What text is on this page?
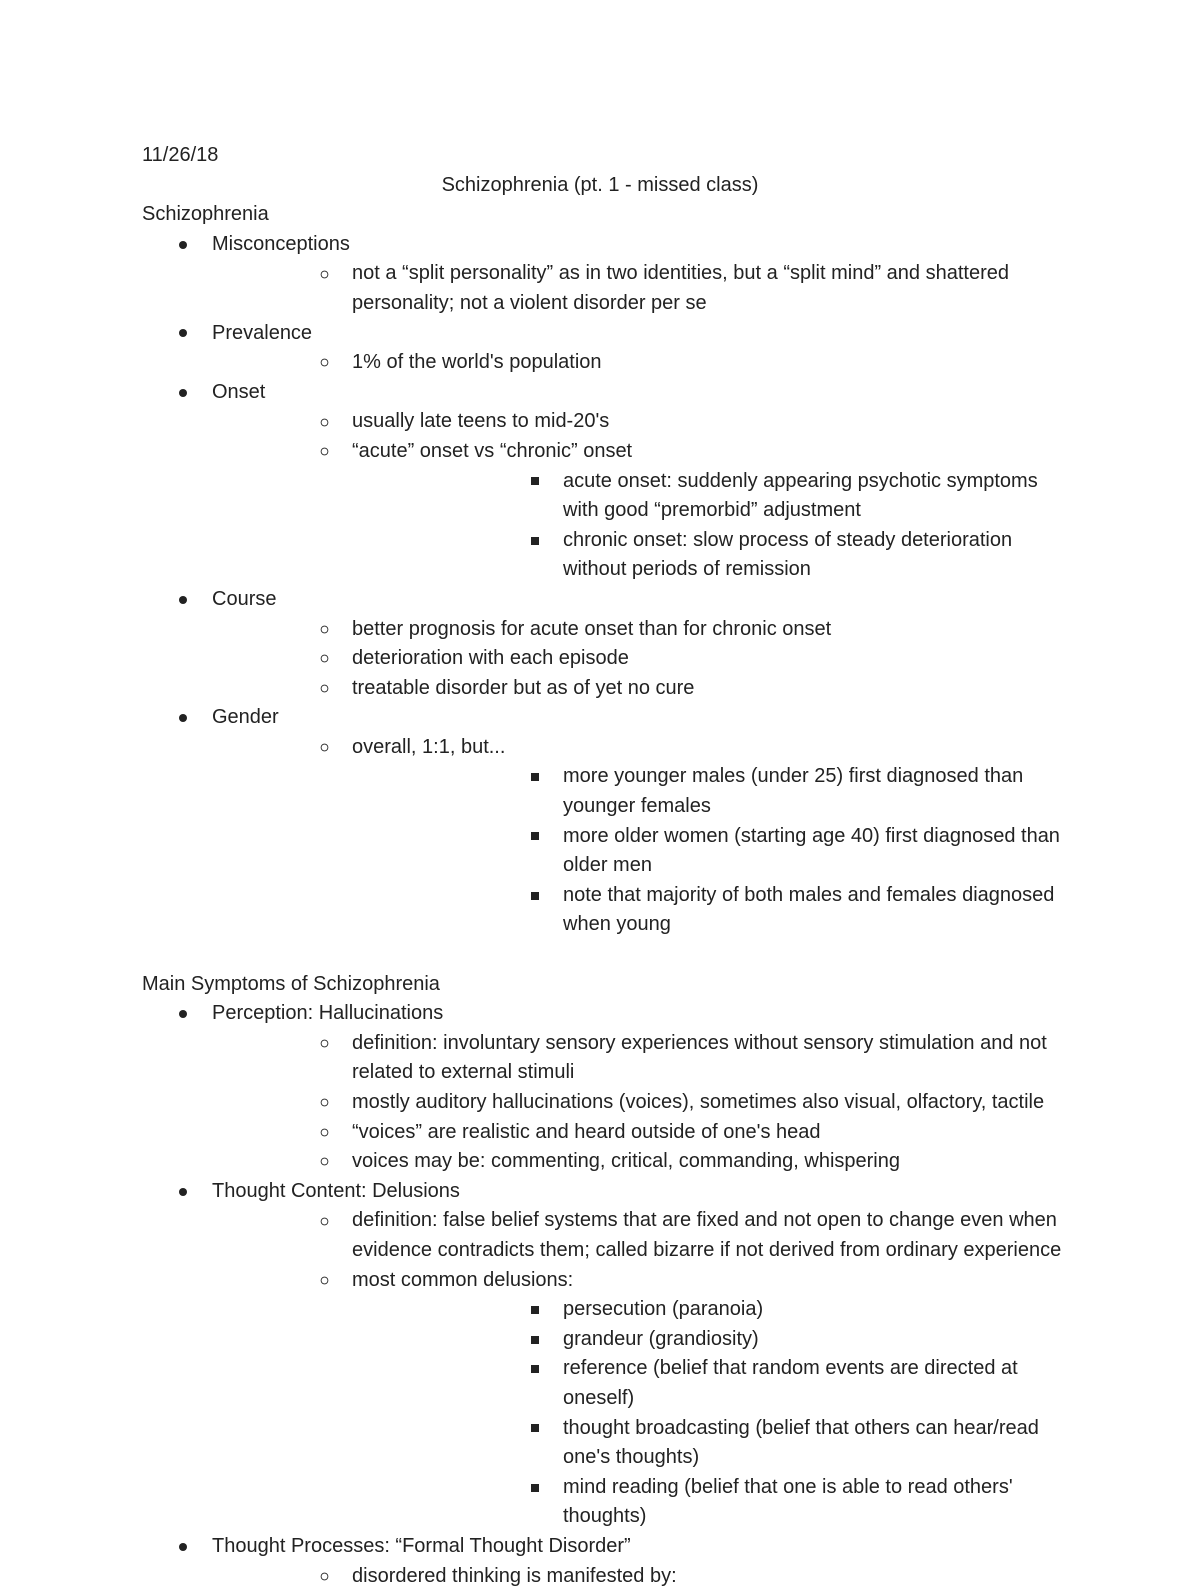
11/26/18

Schizophrenia (pt. 1 - missed class)

Schizophrenia

Misconceptions
not a “split personality” as in two identities, but a “split mind” and shattered personality; not a violent disorder per se
Prevalence
1% of the world's population
Onset
usually late teens to mid-20's
“acute” onset vs “chronic” onset
acute onset: suddenly appearing psychotic symptoms with good “premorbid” adjustment
chronic onset: slow process of steady deterioration without periods of remission
Course
better prognosis for acute onset than for chronic onset
deterioration with each episode
treatable disorder but as of yet no cure
Gender
overall, 1:1, but...
more younger males (under 25) first diagnosed than younger females
more older women (starting age 40) first diagnosed than older men
note that majority of both males and females diagnosed when young

Main Symptoms of Schizophrenia

Perception: Hallucinations
definition: involuntary sensory experiences without sensory stimulation and not related to external stimuli
mostly auditory hallucinations (voices), sometimes also visual, olfactory, tactile
“voices” are realistic and heard outside of one's head
voices may be: commenting, critical, commanding, whispering
Thought Content: Delusions
definition: false belief systems that are fixed and not open to change even when evidence contradicts them; called bizarre if not derived from ordinary experience
most common delusions:
persecution (paranoia)
grandeur (grandiosity)
reference (belief that random events are directed at oneself)
thought broadcasting (belief that others can hear/read one's thoughts)
mind reading (belief that one is able to read others' thoughts)
Thought Processes: “Formal Thought Disorder”
disordered thinking is manifested by:
